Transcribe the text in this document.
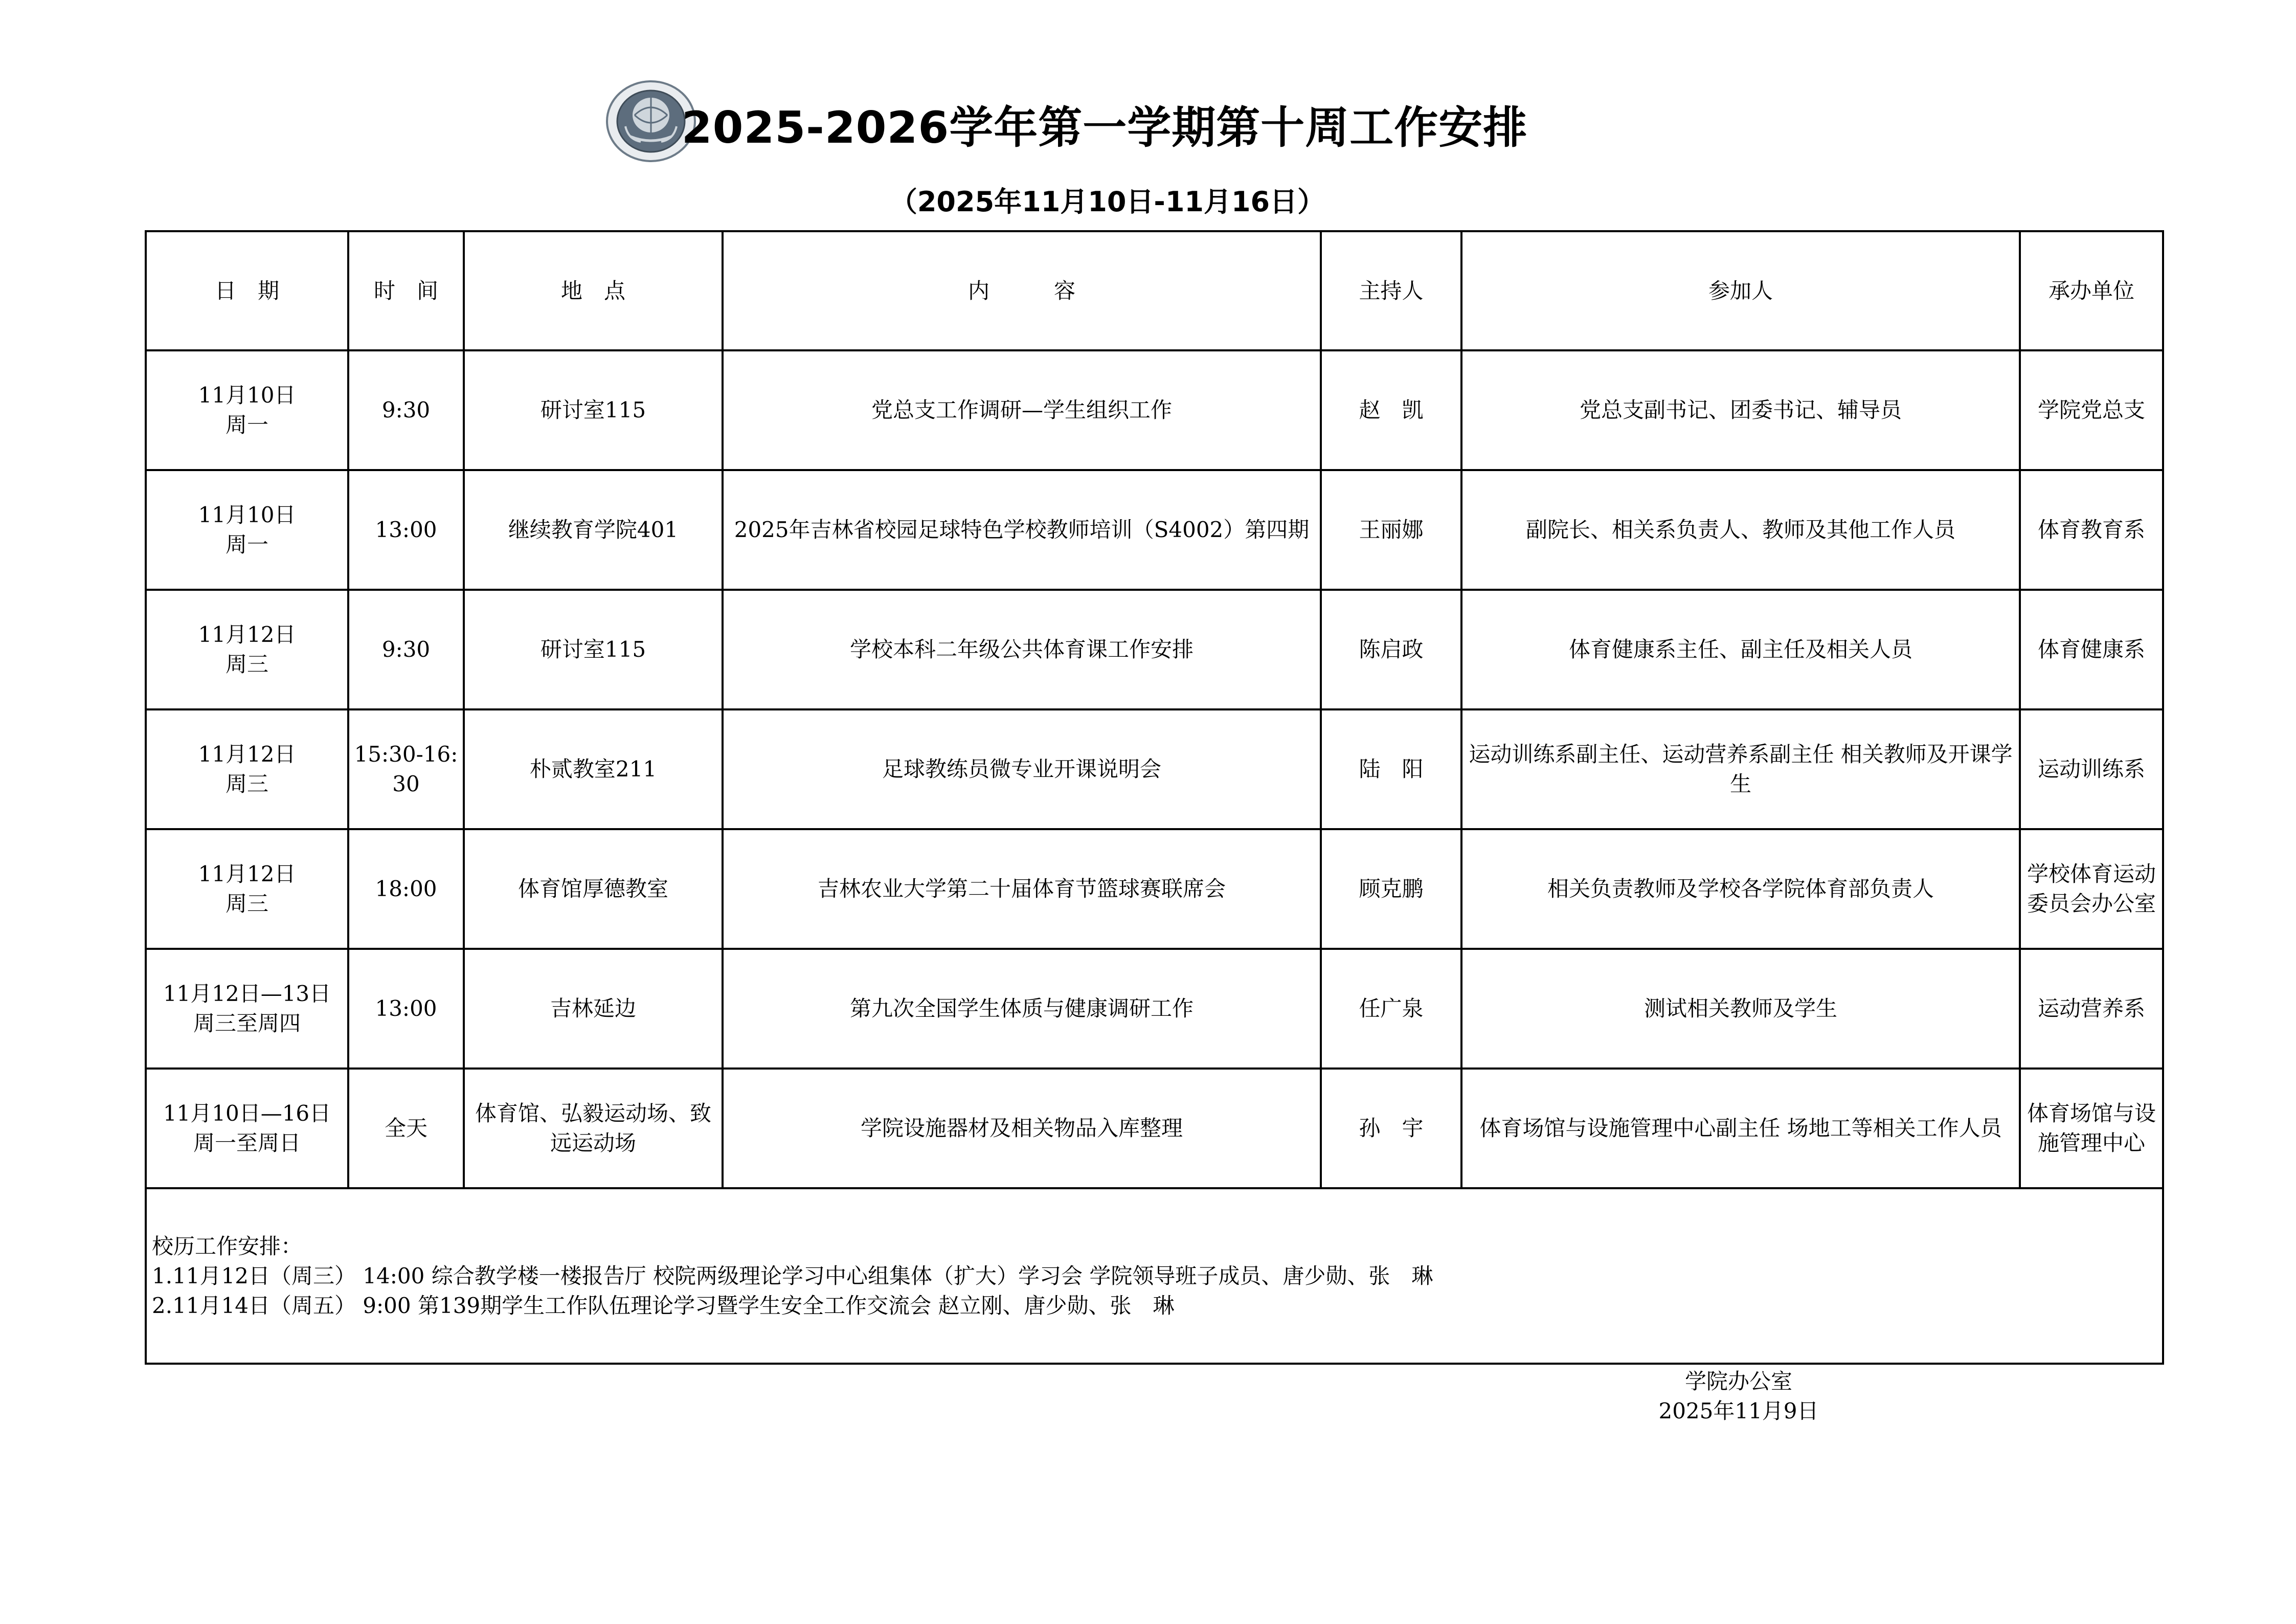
2025-2026学年第一学期第十周工作安排
（2025年11月10日-11月16日）
日　期	时　间	地　点	内　　　容	主持人	参加人	承办单位

11月10日
周一	9:30	研讨室115	党总支工作调研—学生组织工作	赵　凯	党总支副书记、团委书记、辅导员	学院党总支

11月10日
周一	13:00	继续教育学院401	2025年吉林省校园足球特色学校教师培训（S4002）第四期	王丽娜	副院长、相关系负责人、教师及其他工作人员	体育教育系

11月12日
周三	9:30	研讨室115	学校本科二年级公共体育课工作安排	陈启政	体育健康系主任、副主任及相关人员	体育健康系

11月12日
周三	15:30-16:30	朴贰教室211	足球教练员微专业开课说明会	陆　阳	运动训练系副主任、运动营养系副主任 相关教师及开课学生	运动训练系

11月12日
周三	18:00	体育馆厚德教室	吉林农业大学第二十届体育节篮球赛联席会	顾克鹏	相关负责教师及学校各学院体育部负责人	学校体育运动委员会办公室

11月12日—13日
周三至周四	13:00	吉林延边	第九次全国学生体质与健康调研工作	任广泉	测试相关教师及学生	运动营养系

11月10日—16日
周一至周日	全天	体育馆、弘毅运动场、致远运动场	学院设施器材及相关物品入库整理	孙　宇	体育场馆与设施管理中心副主任 场地工等相关工作人员	体育场馆与设施管理中心

校历工作安排：
1.11月12日（周三） 14:00 综合教学楼一楼报告厅 校院两级理论学习中心组集体（扩大）学习会 学院领导班子成员、唐少勋、张　琳
2.11月14日（周五） 9:00 第139期学生工作队伍理论学习暨学生安全工作交流会 赵立刚、唐少勋、张　琳						
学院办公室
2025年11月9日
